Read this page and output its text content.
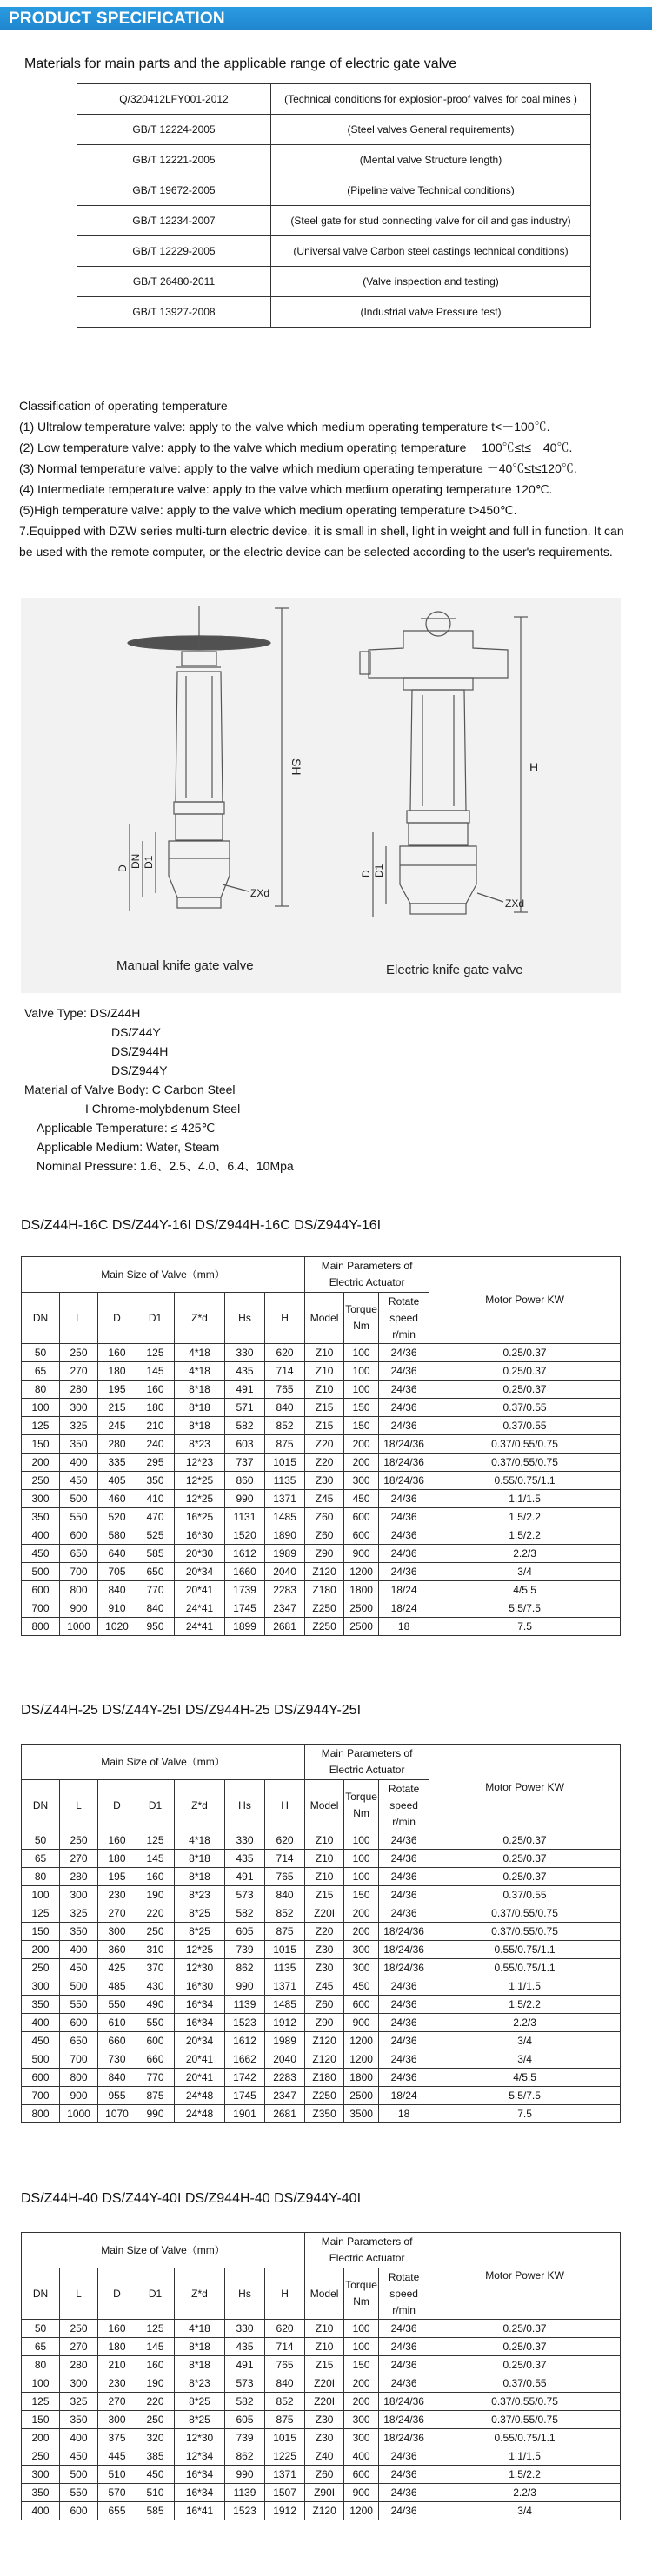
PRODUCT SPECIFICATION
Materials for main parts and the applicable range of electric gate valve
Q/320412LFY001-2012	(Technical conditions for explosion-proof valves for coal mines )
GB/T 12224-2005	(Steel valves General requirements)
GB/T 12221-2005	(Mental valve Structure length)
GB/T 19672-2005	(Pipeline valve Technical conditions)
GB/T 12234-2007	(Steel gate for stud connecting valve for oil and gas industry)
GB/T 12229-2005	(Universal valve Carbon steel castings technical conditions)
GB/T 26480-2011	(Valve inspection and testing)
GB/T 13927-2008	(Industrial valve Pressure test)
Classification of operating temperature
(1) Ultralow temperature valve: apply to the valve which medium operating temperature t<－100℃.
(2) Low temperature valve: apply to the valve which medium operating temperature －100℃≤t≤－40℃.
(3) Normal temperature valve: apply to the valve which medium operating temperature －40℃≤t≤120℃.
(4) Intermediate temperature valve: apply to the valve which medium operating temperature 120℃.
(5)High temperature valve: apply to the valve which medium operating temperature t>450℃.
7.Equipped with DZW series multi-turn electric device, it is small in shell, light in weight and full in function. It can be used with the remote computer, or the electric device can be selected according to the user's requirements.
SH	H
DN D1
D
ZXd
D D1
ZXd
Manual knife gate valve	Electric knife gate valve
Valve Type: DS/Z44H
DS/Z44Y
DS/Z944H
DS/Z944Y
Material of Valve Body: C Carbon Steel
I Chrome-molybdenum Steel
Applicable Temperature: ≤ 425℃
Applicable Medium: Water, Steam
Nominal Pressure: 1.6、2.5、4.0、6.4、10Mpa
DS/Z44H-16C DS/Z44Y-16I DS/Z944H-16C DS/Z944Y-16I
Main Size of Valve（mm）							Main Parameters of Electric Actuator			Motor Power KW
DN	L	D	D1	Z*d	Hs	H	Model	Torque Nm	Rotate speed r/min	
50	250	160	125	4*18	330	620	Z10	100	24/36	0.25/0.37
65	270	180	145	4*18	435	714	Z10	100	24/36	0.25/0.37
80	280	195	160	8*18	491	765	Z10	100	24/36	0.25/0.37
100	300	215	180	8*18	571	840	Z15	150	24/36	0.37/0.55
125	325	245	210	8*18	582	852	Z15	150	24/36	0.37/0.55
150	350	280	240	8*23	603	875	Z20	200	18/24/36	0.37/0.55/0.75
200	400	335	295	12*23	737	1015	Z20	200	18/24/36	0.37/0.55/0.75
250	450	405	350	12*25	860	1135	Z30	300	18/24/36	0.55/0.75/1.1
300	500	460	410	12*25	990	1371	Z45	450	24/36	1.1/1.5
350	550	520	470	16*25	1131	1485	Z60	600	24/36	1.5/2.2
400	600	580	525	16*30	1520	1890	Z60	600	24/36	1.5/2.2
450	650	640	585	20*30	1612	1989	Z90	900	24/36	2.2/3
500	700	705	650	20*34	1660	2040	Z120	1200	24/36	3/4
600	800	840	770	20*41	1739	2283	Z180	1800	18/24	4/5.5
700	900	910	840	24*41	1745	2347	Z250	2500	18/24	5.5/7.5
800	1000	1020	950	24*41	1899	2681	Z250	2500	18	7.5
DS/Z44H-25 DS/Z44Y-25I DS/Z944H-25 DS/Z944Y-25I
Main Size of Valve（mm）							Main Parameters of Electric Actuator			Motor Power KW
DN	L	D	D1	Z*d	Hs	H	Model	Torque Nm	Rotate speed r/min	
50	250	160	125	4*18	330	620	Z10	100	24/36	0.25/0.37
65	270	180	145	8*18	435	714	Z10	100	24/36	0.25/0.37
80	280	195	160	8*18	491	765	Z10	100	24/36	0.25/0.37
100	300	230	190	8*23	573	840	Z15	150	24/36	0.37/0.55
125	325	270	220	8*25	582	852	Z20I	200	24/36	0.37/0.55/0.75
150	350	300	250	8*25	605	875	Z20	200	18/24/36	0.37/0.55/0.75
200	400	360	310	12*25	739	1015	Z30	300	18/24/36	0.55/0.75/1.1
250	450	425	370	12*30	862	1135	Z30	300	18/24/36	0.55/0.75/1.1
300	500	485	430	16*30	990	1371	Z45	450	24/36	1.1/1.5
350	550	550	490	16*34	1139	1485	Z60	600	24/36	1.5/2.2
400	600	610	550	16*34	1523	1912	Z90	900	24/36	2.2/3
450	650	660	600	20*34	1612	1989	Z120	1200	24/36	3/4
500	700	730	660	20*41	1662	2040	Z120	1200	24/36	3/4
600	800	840	770	20*41	1742	2283	Z180	1800	24/36	4/5.5
700	900	955	875	24*48	1745	2347	Z250	2500	18/24	5.5/7.5
800	1000	1070	990	24*48	1901	2681	Z350	3500	18	7.5
DS/Z44H-40 DS/Z44Y-40I DS/Z944H-40 DS/Z944Y-40I
Main Size of Valve（mm）							Main Parameters of Electric Actuator			Motor Power KW
DN	L	D	D1	Z*d	Hs	H	Model	Torque Nm	Rotate speed r/min	
50	250	160	125	4*18	330	620	Z10	100	24/36	0.25/0.37
65	270	180	145	8*18	435	714	Z10	100	24/36	0.25/0.37
80	280	210	160	8*18	491	765	Z15	150	24/36	0.25/0.37
100	300	230	190	8*23	573	840	Z20I	200	24/36	0.37/0.55
125	325	270	220	8*25	582	852	Z20I	200	18/24/36	0.37/0.55/0.75
150	350	300	250	8*25	605	875	Z30	300	18/24/36	0.37/0.55/0.75
200	400	375	320	12*30	739	1015	Z30	300	18/24/36	0.55/0.75/1.1
250	450	445	385	12*34	862	1225	Z40	400	24/36	1.1/1.5
300	500	510	450	16*34	990	1371	Z60	600	24/36	1.5/2.2
350	550	570	510	16*34	1139	1507	Z90I	900	24/36	2.2/3
400	600	655	585	16*41	1523	1912	Z120	1200	24/36	3/4
